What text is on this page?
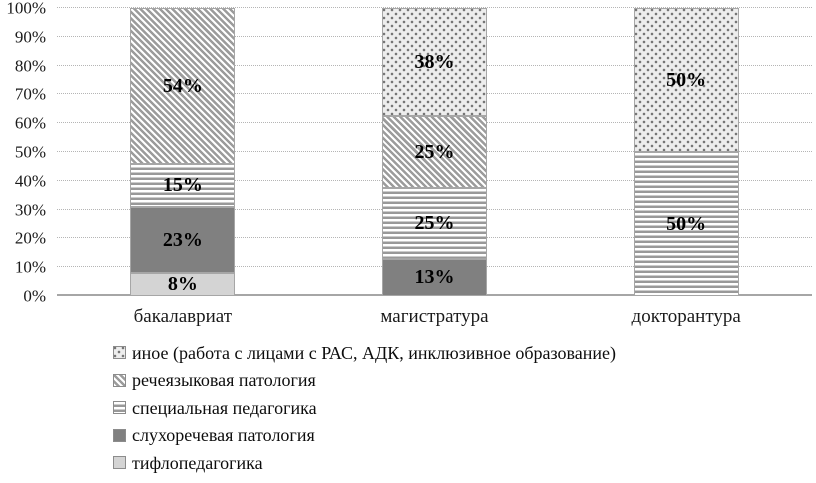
0%
10%
20%
30%
40%
50%
60%
70%
80%
90%
100%
8%
23%
15%
54%
13%
25%
25%
38%
50%
50%
бакалавриат	магистратура	докторантура
иное (работа с лицами с РАС, АДК, инклюзивное образование)
речеязыковая патология
специальная педагогика
слухоречевая патология
тифлопедагогика
